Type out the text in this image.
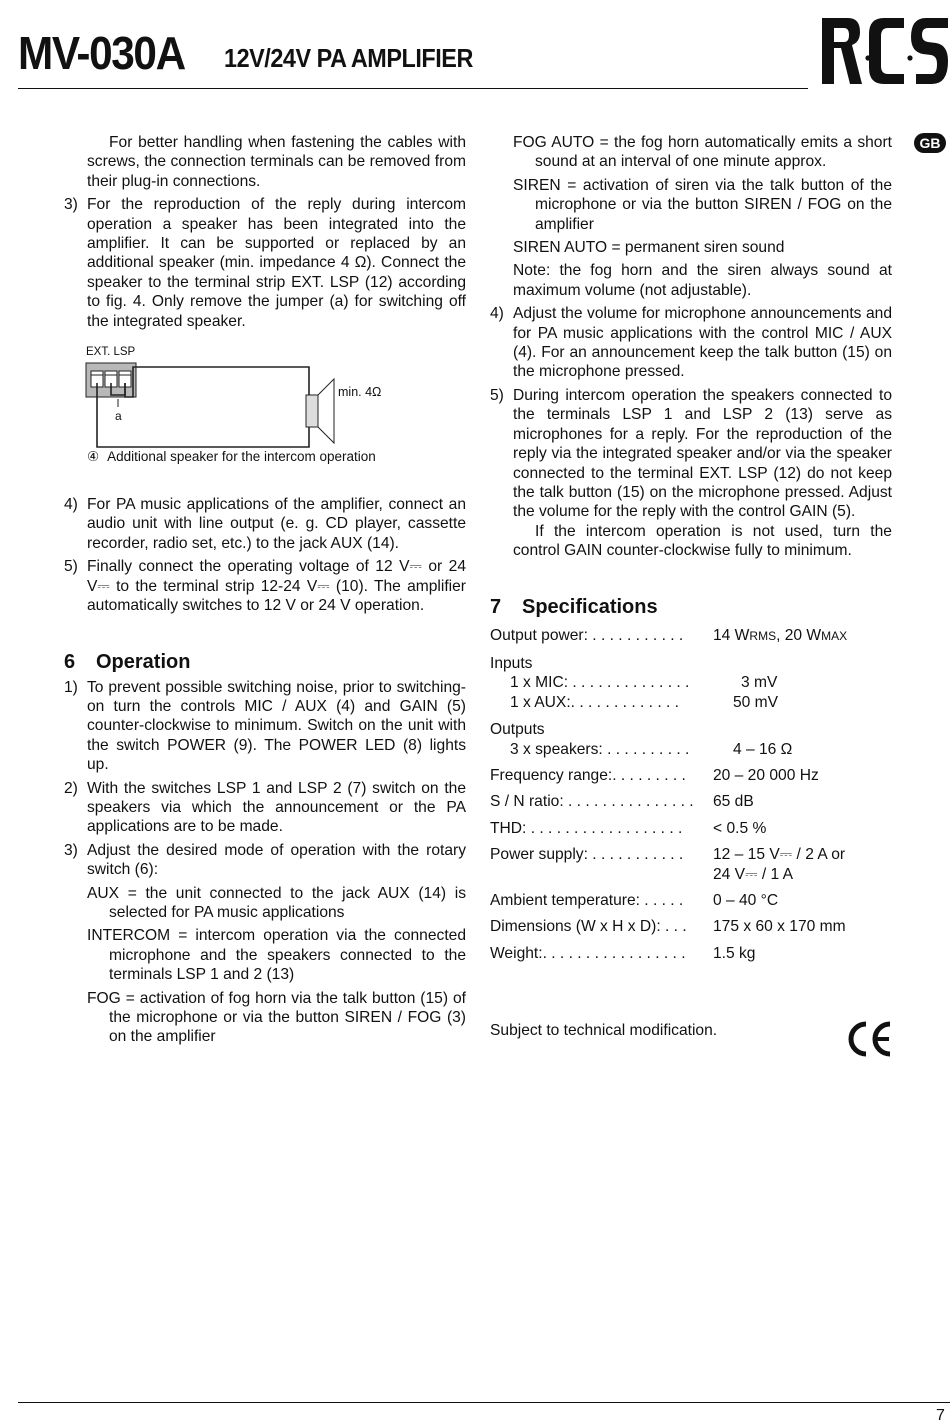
MV-030A 12V/24V PA AMPLIFIER
GB

For better handling when fastening the cables with screws, the connection terminals can be removed from their plug-in connections.

3) For the reproduction of the reply during intercom operation a speaker has been integrated into the amplifier. It can be supported or replaced by an additional speaker (min. impedance 4 Ω). Connect the speaker to the terminal strip EXT. LSP (12) according to fig. 4. Only remove the jumper (a) for switching off the integrated speaker.
EXT. LSP
a
min. 4Ω
④ Additional speaker for the intercom operation
4) For PA music applications of the amplifier, connect an audio unit with line output (e. g. CD player, cassette recorder, radio set, etc.) to the jack AUX (14).
5) Finally connect the operating voltage of 12 V⎓ or 24 V⎓ to the terminal strip 12-24 V⎓ (10). The amplifier automatically switches to 12 V or 24 V operation.
6 Operation
1) To prevent possible switching noise, prior to switching-on turn the controls MIC / AUX (4) and GAIN (5) counter-clockwise to minimum. Switch on the unit with the switch POWER (9). The POWER LED (8) lights up.
2) With the switches LSP 1 and LSP 2 (7) switch on the speakers via which the announcement or the PA applications are to be made.
3) Adjust the desired mode of operation with the rotary switch (6):

AUX = the unit connected to the jack AUX (14) is selected for PA music applications

INTERCOM = intercom operation via the connected microphone and the speakers connected to the terminals LSP 1 and 2 (13)

FOG = activation of fog horn via the talk button (15) of the microphone or via the button SIREN / FOG (3) on the amplifier

FOG AUTO = the fog horn automatically emits a short sound at an interval of one minute approx.

SIREN = activation of siren via the talk button of the microphone or via the button SIREN / FOG on the amplifier

SIREN AUTO = permanent siren sound

Note: the fog horn and the siren always sound at maximum volume (not adjustable).

4) Adjust the volume for microphone announcements and for PA music applications with the control MIC / AUX (4). For an announcement keep the talk button (15) on the microphone pressed.
5) During intercom operation the speakers connected to the terminals LSP 1 and LSP 2 (13) serve as microphones for a reply. For the reproduction of the reply via the integrated speaker and/or via the speaker connected to the terminal EXT. LSP (12) do not keep the talk button (15) on the microphone pressed. Adjust the volume for the reply with the control GAIN (5).
If the intercom operation is not used, turn the control GAIN counter-clockwise fully to minimum.
7 Specifications
Output power: . . . . . . . . . . .	14 WRMS, 20 WMAX
Inputs
1 x MIC: . . . . . . . . . . . . . .	3 mV
1 x AUX:. . . . . . . . . . . . .	50 mV
Outputs
3 x speakers: . . . . . . . . . .	4 – 16 Ω
Frequency range:. . . . . . . . .	20 – 20 000 Hz
S / N ratio: . . . . . . . . . . . . . . .	65 dB
THD: . . . . . . . . . . . . . . . . . .	< 0.5 %
Power supply: . . . . . . . . . . .	12 – 15 V⎓ / 2 A or
24 V⎓ / 1 A
Ambient temperature: . . . . .	0 – 40 °C
Dimensions (W x H x D): . . .	175 x 60 x 170 mm
Weight:. . . . . . . . . . . . . . . . .	1.5 kg

Subject to technical modification.

7
